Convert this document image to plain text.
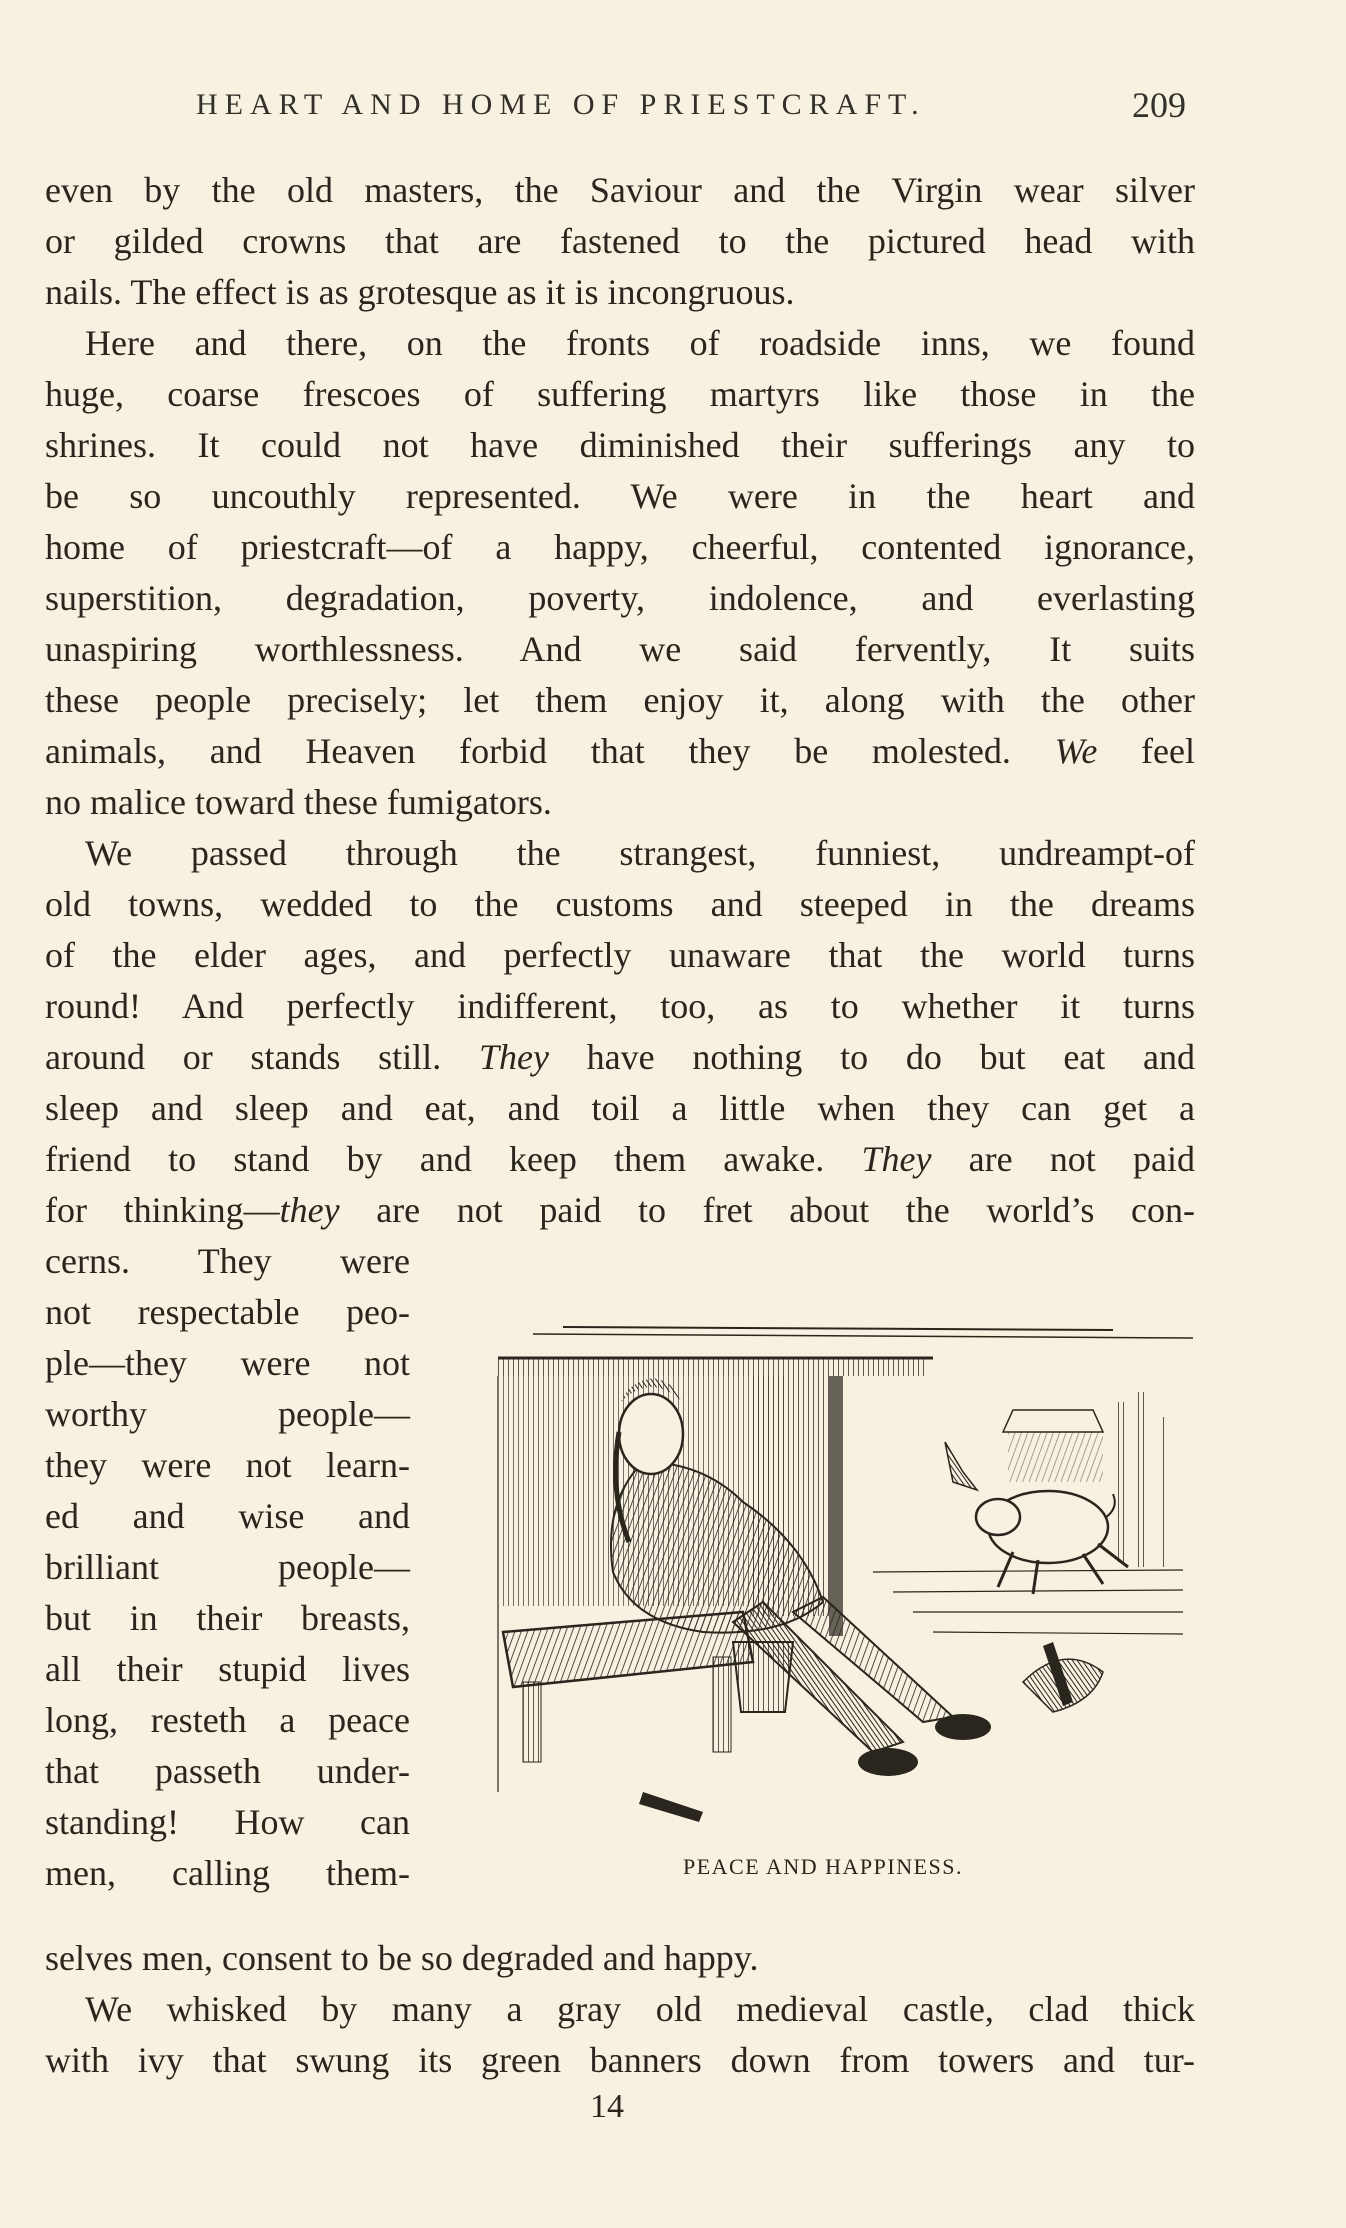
HEART AND HOME OF PRIESTCRAFT.	209
even by the old masters, the Saviour and the Virgin wear silver
or gilded crowns that are fastened to the pictured head with
nails. The effect is as grotesque as it is incongruous.
Here and there, on the fronts of roadside inns, we found
huge, coarse frescoes of suffering martyrs like those in the
shrines. It could not have diminished their sufferings any to
be so uncouthly represented. We were in the heart and
home of priestcraft—of a happy, cheerful, contented ignorance,
superstition, degradation, poverty, indolence, and everlasting
unaspiring worthlessness. And we said fervently, It suits
these people precisely; let them enjoy it, along with the other
animals, and Heaven forbid that they be molested. We feel
no malice toward these fumigators.
We passed through the strangest, funniest, undreampt-of
old towns, wedded to the customs and steeped in the dreams
of the elder ages, and perfectly unaware that the world turns
round! And perfectly indifferent, too, as to whether it turns
around or stands still. They have nothing to do but eat and
sleep and sleep and eat, and toil a little when they can get a
friend to stand by and keep them awake. They are not paid
for thinking—they are not paid to fret about the world’s con-
cerns. They were
not respectable peo-
ple—they were not
worthy people—
they were not learn-
ed and wise and
brilliant people—
but in their breasts,
all their stupid lives
long, resteth a peace
that passeth under-
standing! How can
men, calling them-
selves men, consent to be so degraded and happy.
We whisked by many a gray old medieval castle, clad thick
with ivy that swung its green banners down from towers and tur-
PEACE AND HAPPINESS.
14
